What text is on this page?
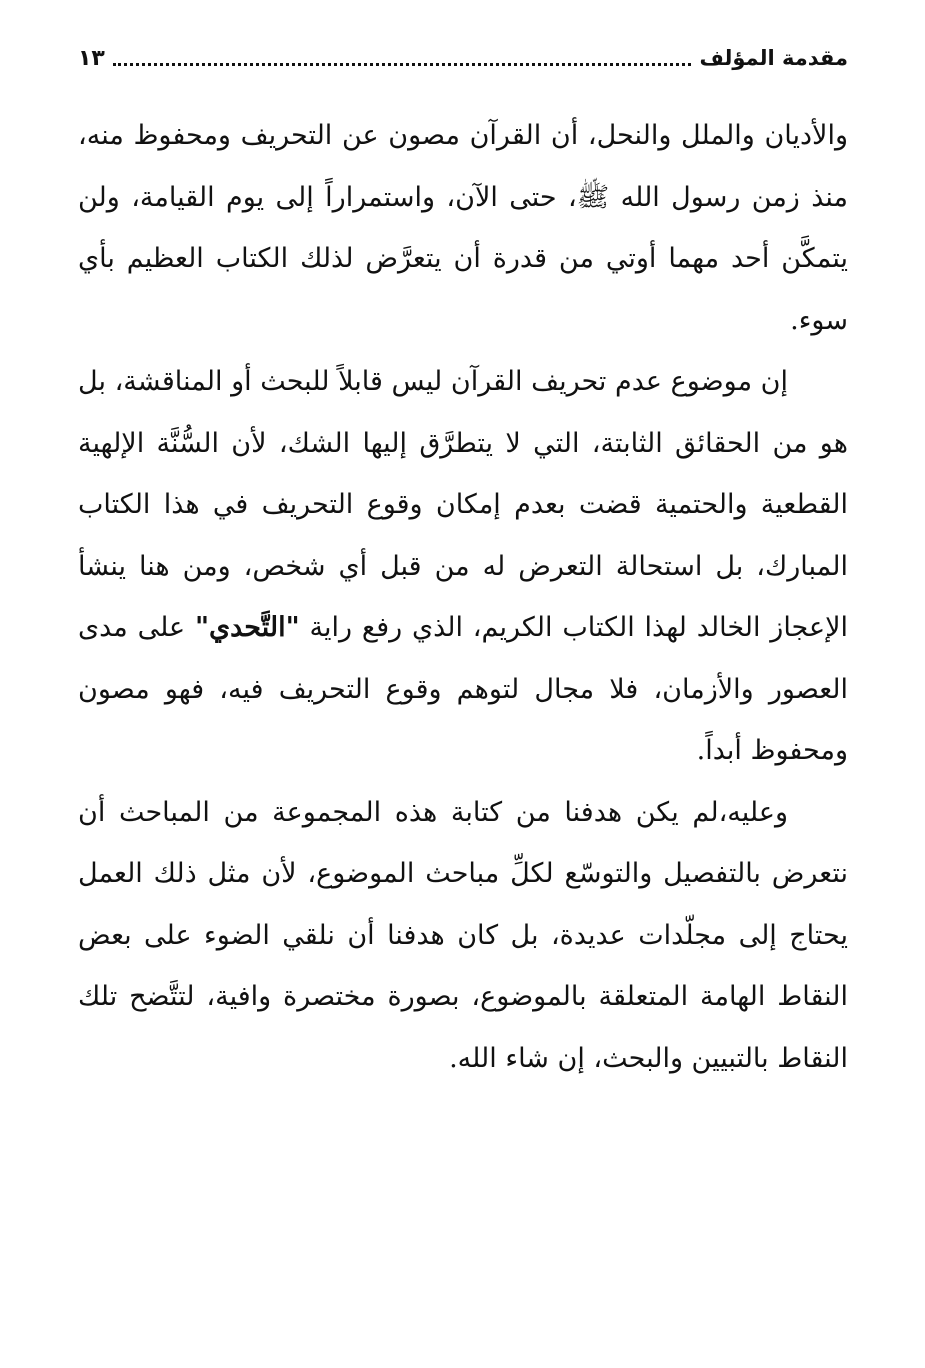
مقدمة المؤلف
١٣

والأديان والملل والنحل، أن القرآن مصون عن التحريف ومحفوظ منه، منذ زمن رسول الله ﷺ، حتى الآن، واستمراراً إلى يوم القيامة، ولن يتمكَّن أحد مهما أوتي من قدرة أن يتعرَّض لذلك الكتاب العظيم بأي سوء.

إن موضوع عدم تحريف القرآن ليس قابلاً للبحث أو المناقشة، بل هو من الحقائق الثابتة، التي لا يتطرَّق إليها الشك، لأن السُّنَّة الإلهية القطعية والحتمية قضت بعدم إمكان وقوع التحريف في هذا الكتاب المبارك، بل استحالة التعرض له من قبل أي شخص، ومن هنا ينشأ الإعجاز الخالد لهذا الكتاب الكريم، الذي رفع راية "التَّحدي" على مدى العصور والأزمان، فلا مجال لتوهم وقوع التحريف فيه، فهو مصون ومحفوظ أبداً.

وعليه،لم يكن هدفنا من كتابة هذه المجموعة من المباحث أن نتعرض بالتفصيل والتوسّع لكلِّ مباحث الموضوع، لأن مثل ذلك العمل يحتاج إلى مجلّدات عديدة، بل كان هدفنا أن نلقي الضوء على بعض النقاط الهامة المتعلقة بالموضوع، بصورة مختصرة وافية، لتتَّضح تلك النقاط بالتبيين والبحث، إن شاء الله.
